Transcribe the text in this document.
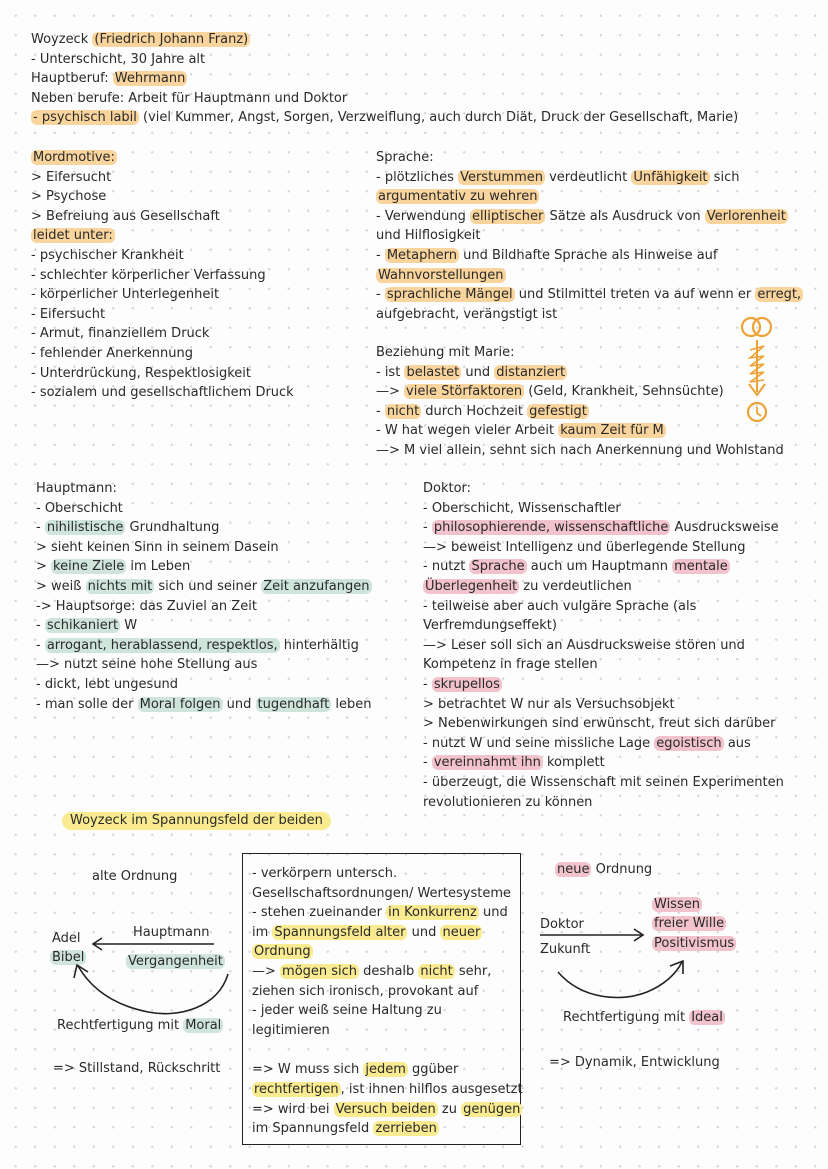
Woyzeck (Friedrich Johann Franz)
- Unterschicht, 30 Jahre alt
Hauptberuf: Wehrmann
Neben berufe: Arbeit für Hauptmann und Doktor
- psychisch labil (viel Kummer, Angst, Sorgen, Verzweiflung, auch durch Diät, Druck der Gesellschaft, Marie)
Mordmotive:
> Eifersucht
> Psychose
> Befreiung aus Gesellschaft
leidet unter:
- psychischer Krankheit
- schlechter körperlicher Verfassung
- körperlicher Unterlegenheit
- Eifersucht
- Armut, finanziellem Druck
- fehlender Anerkennung
- Unterdrückung, Respektlosigkeit
- sozialem und gesellschaftlichem Druck
Sprache:
- plötzliches Verstummen verdeutlicht Unfähigkeit sich
argumentativ zu wehren
- Verwendung elliptischer Sätze als Ausdruck von Verlorenheit
und Hilflosigkeit
- Metaphern und Bildhafte Sprache als Hinweise auf
Wahnvorstellungen
- sprachliche Mängel und Stilmittel treten va auf wenn er erregt,
aufgebracht, verängstigt ist
Beziehung mit Marie:
- ist belastet und distanziert
—> viele Störfaktoren (Geld, Krankheit, Sehnsüchte)
- nicht durch Hochzeit gefestigt
- W hat wegen vieler Arbeit kaum Zeit für M
—> M viel allein, sehnt sich nach Anerkennung und Wohlstand
Hauptmann:
- Oberschicht
- nihilistische Grundhaltung
> sieht keinen Sinn in seinem Dasein
> keine Ziele im Leben
> weiß nichts mit sich und seiner Zeit anzufangen
-> Hauptsorge: das Zuviel an Zeit
- schikaniert W
- arrogant, herablassend, respektlos, hinterhältig
—> nutzt seine hohe Stellung aus
- dickt, lebt ungesund
- man solle der Moral folgen und tugendhaft leben
Doktor:
- Oberschicht, Wissenschaftler
- philosophierende, wissenschaftliche Ausdrucksweise
—> beweist Intelligenz und überlegende Stellung
- nutzt Sprache auch um Hauptmann mentale
Überlegenheit zu verdeutlichen
- teilweise aber auch vulgäre Sprache (als
Verfremdungseffekt)
—> Leser soll sich an Ausdrucksweise stören und
Kompetenz in frage stellen
- skrupellos
> betrachtet W nur als Versuchsobjekt
> Nebenwirkungen sind erwünscht, freut sich darüber
- nutzt W und seine missliche Lage egoistisch aus
- vereinnahmt ihn komplett
- überzeugt, die Wissenschaft mit seinen Experimenten
revolutionieren zu können
Woyzeck im Spannungsfeld der beiden
alte Ordnung
Adel
Bibel
Hauptmann
Vergangenheit
Rechtfertigung mit Moral
=> Stillstand, Rückschritt
- verkörpern untersch.
Gesellschaftsordnungen/ Wertesysteme
- stehen zueinander in Konkurrenz und
im Spannungsfeld alter und neuer
Ordnung
—> mögen sich deshalb nicht sehr,
ziehen sich ironisch, provokant auf
- jeder weiß seine Haltung zu
legitimieren
=> W muss sich jedem ggüber
rechtfertigen , ist ihnen hilflos ausgesetzt
=> wird bei Versuch beiden zu genügen
im Spannungsfeld zerrieben
neue Ordnung
Doktor
Zukunft
Wissen
freier Wille
Positivismus
Rechtfertigung mit Ideal
=> Dynamik, Entwicklung
